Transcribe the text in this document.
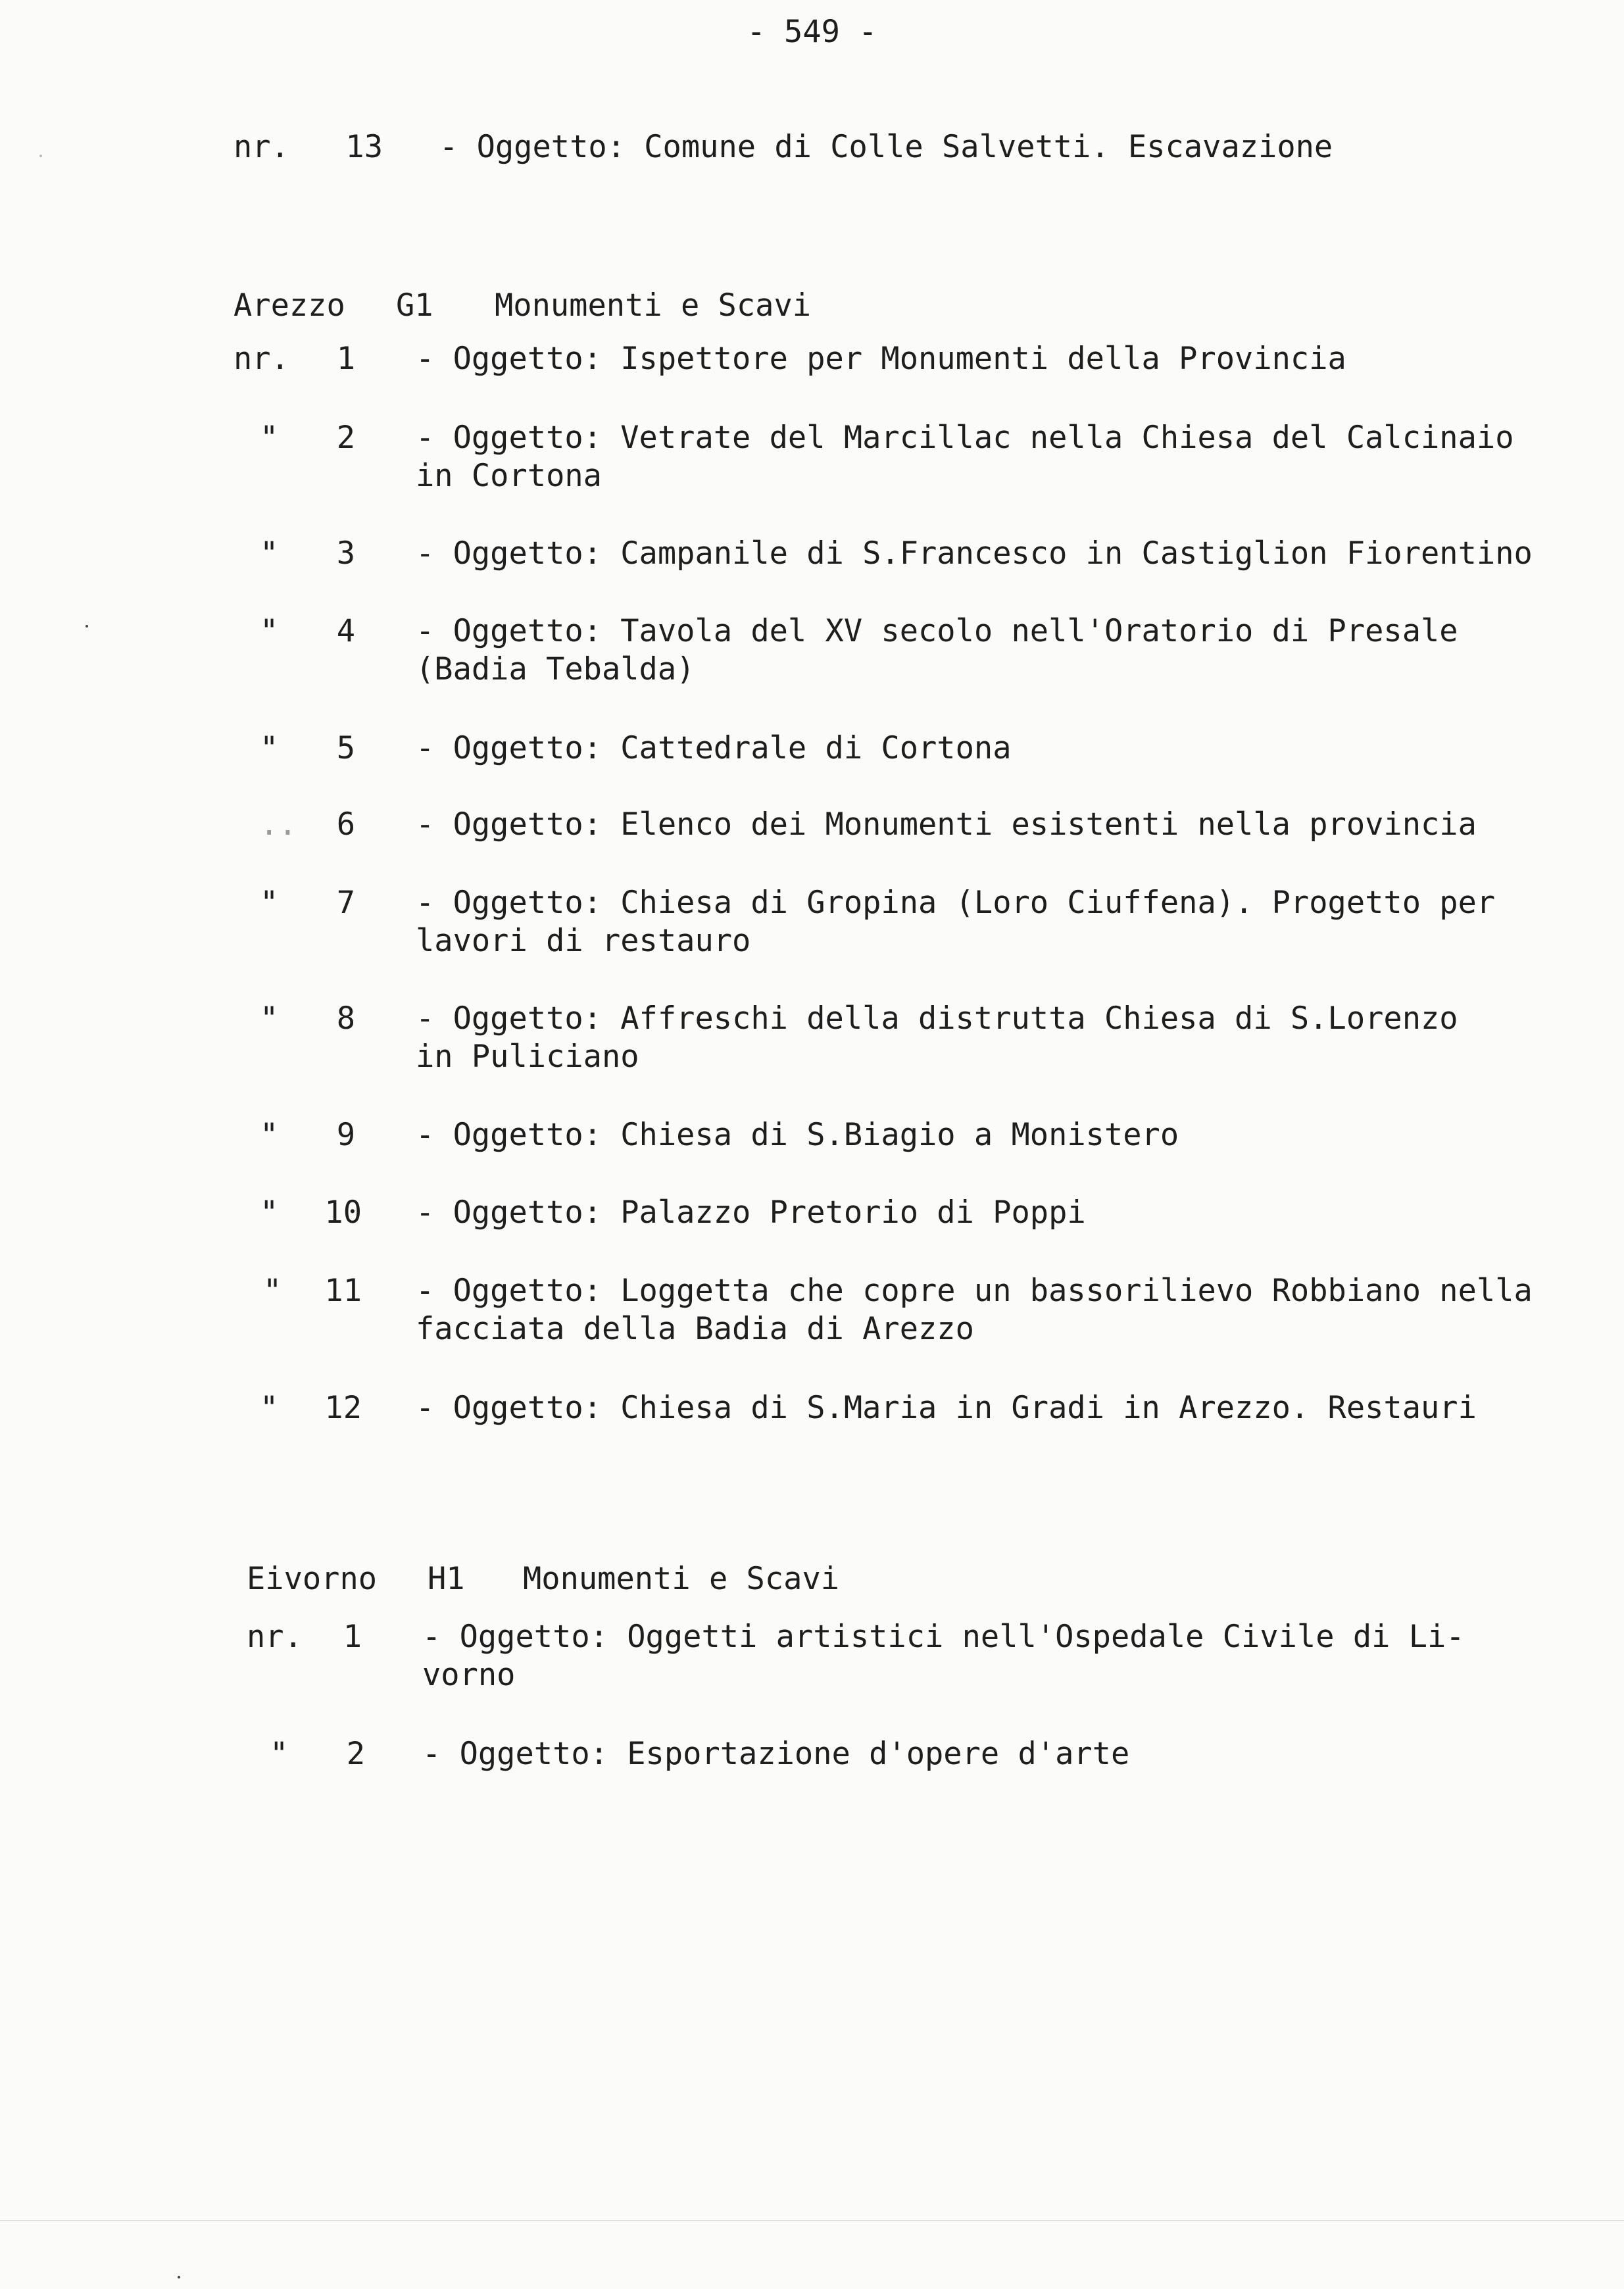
- 549 -
nr.	13 - Oggetto: Comune di Colle Salvetti. Escavazione
Arezzo G1 Monumenti e Scavi
nr.	1 - Oggetto: Ispettore per Monumenti della Provincia
"	2 - Oggetto: Vetrate del Marcillac nella Chiesa del Calcinaio
in Cortona
"	3 - Oggetto: Campanile di S.Francesco in Castiglion Fiorentino
"	4 - Oggetto: Tavola del XV secolo nell'Oratorio di Presale
(Badia Tebalda)
"	5 - Oggetto: Cattedrale di Cortona
..	6 - Oggetto: Elenco dei Monumenti esistenti nella provincia
"	7 - Oggetto: Chiesa di Gropina (Loro Ciuffena). Progetto per
lavori di restauro
"	8 - Oggetto: Affreschi della distrutta Chiesa di S.Lorenzo
in Puliciano
"	9 - Oggetto: Chiesa di S.Biagio a Monistero
"	10 - Oggetto: Palazzo Pretorio di Poppi
"	11 - Oggetto: Loggetta che copre un bassorilievo Robbiano nella
facciata della Badia di Arezzo
"	12 - Oggetto: Chiesa di S.Maria in Gradi in Arezzo. Restauri
Eivorno H1 Monumenti e Scavi
nr.	1 - Oggetto: Oggetti artistici nell'Ospedale Civile di Li-
vorno
"	2 - Oggetto: Esportazione d'opere d'arte
